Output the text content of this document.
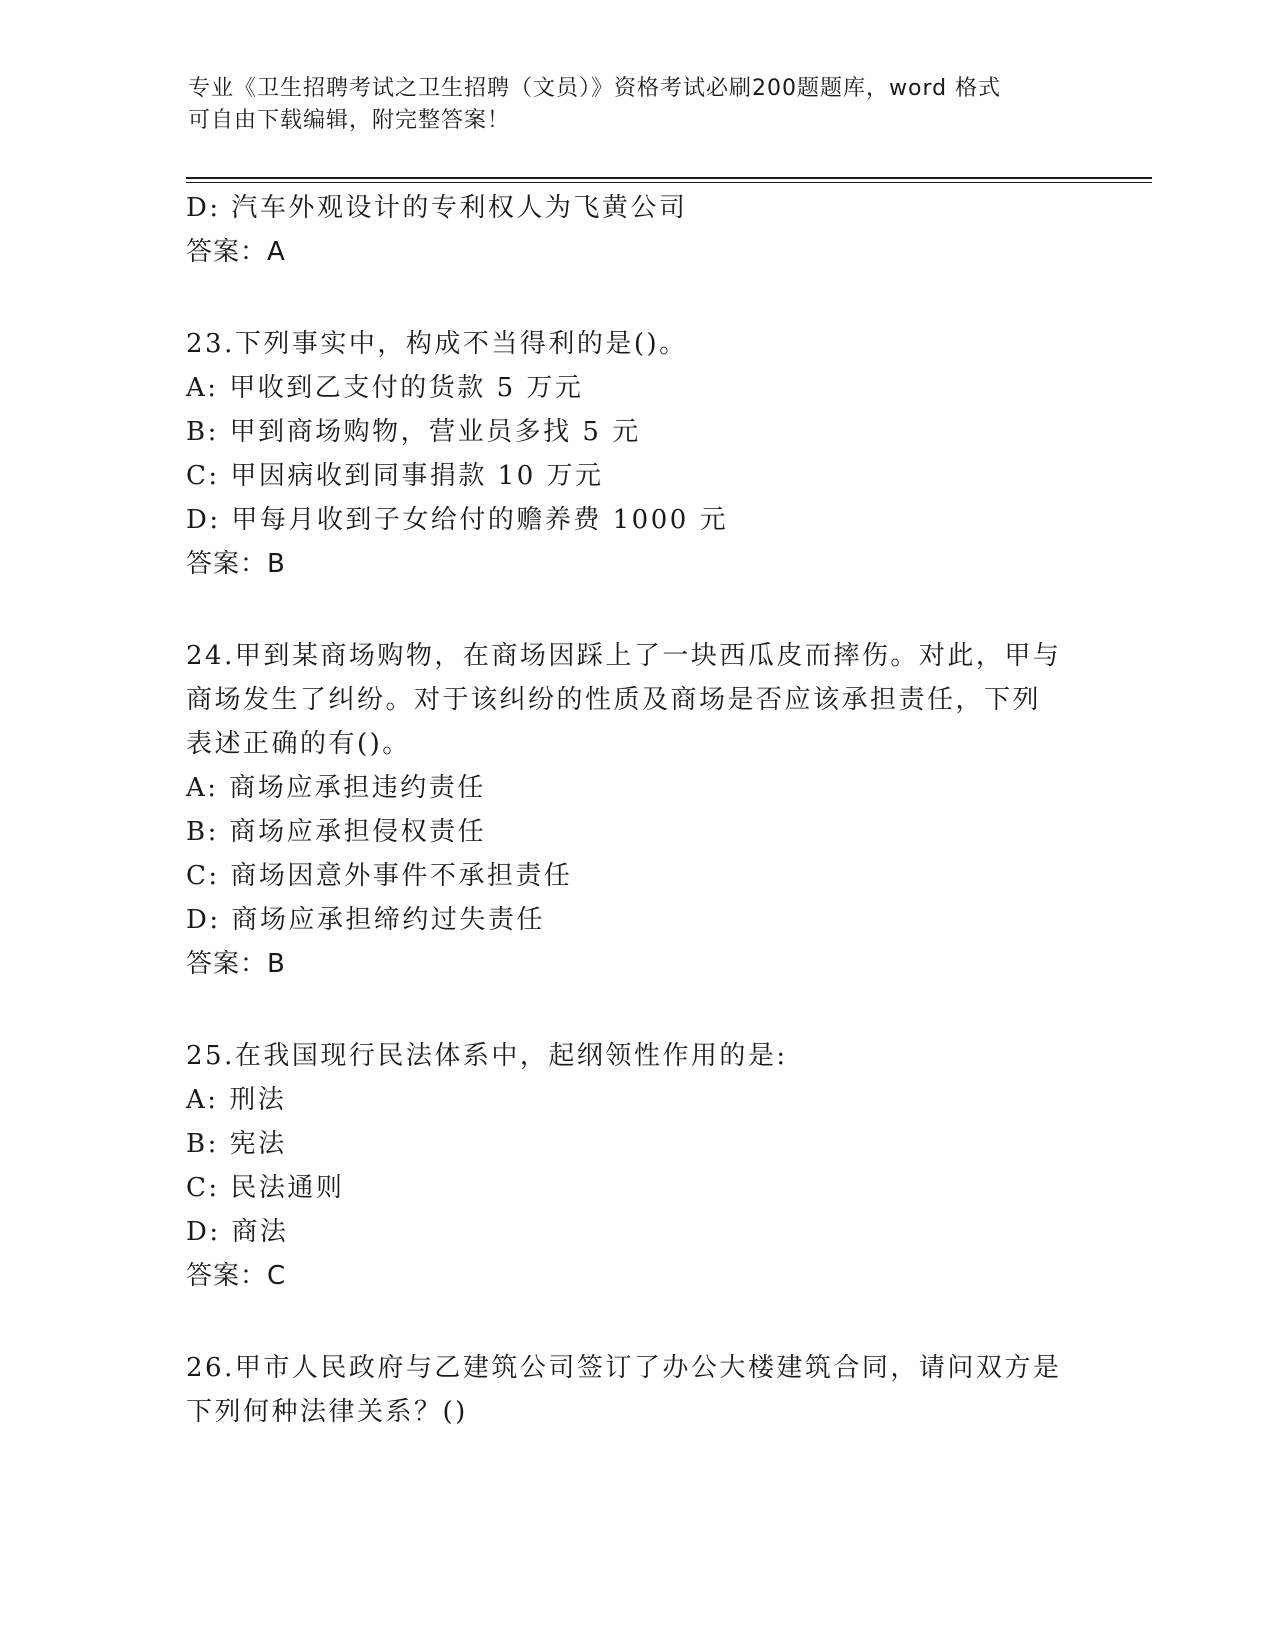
专业《卫生招聘考试之卫生招聘（文员）》资格考试必刷200题题库，word 格式
可自由下载编辑，附完整答案！
D: 汽车外观设计的专利权人为飞黄公司
答案：A
23.下列事实中，构成不当得利的是()。
A: 甲收到乙支付的货款 5 万元
B: 甲到商场购物，营业员多找 5 元
C: 甲因病收到同事捐款 10 万元
D: 甲每月收到子女给付的赡养费 1000 元
答案：B
24.甲到某商场购物，在商场因踩上了一块西瓜皮而摔伤。对此，甲与
商场发生了纠纷。对于该纠纷的性质及商场是否应该承担责任，下列
表述正确的有()。
A: 商场应承担违约责任
B: 商场应承担侵权责任
C: 商场因意外事件不承担责任
D: 商场应承担缔约过失责任
答案：B
25.在我国现行民法体系中，起纲领性作用的是:
A: 刑法
B: 宪法
C: 民法通则
D: 商法
答案：C
26.甲市人民政府与乙建筑公司签订了办公大楼建筑合同，请问双方是
下列何种法律关系？()
